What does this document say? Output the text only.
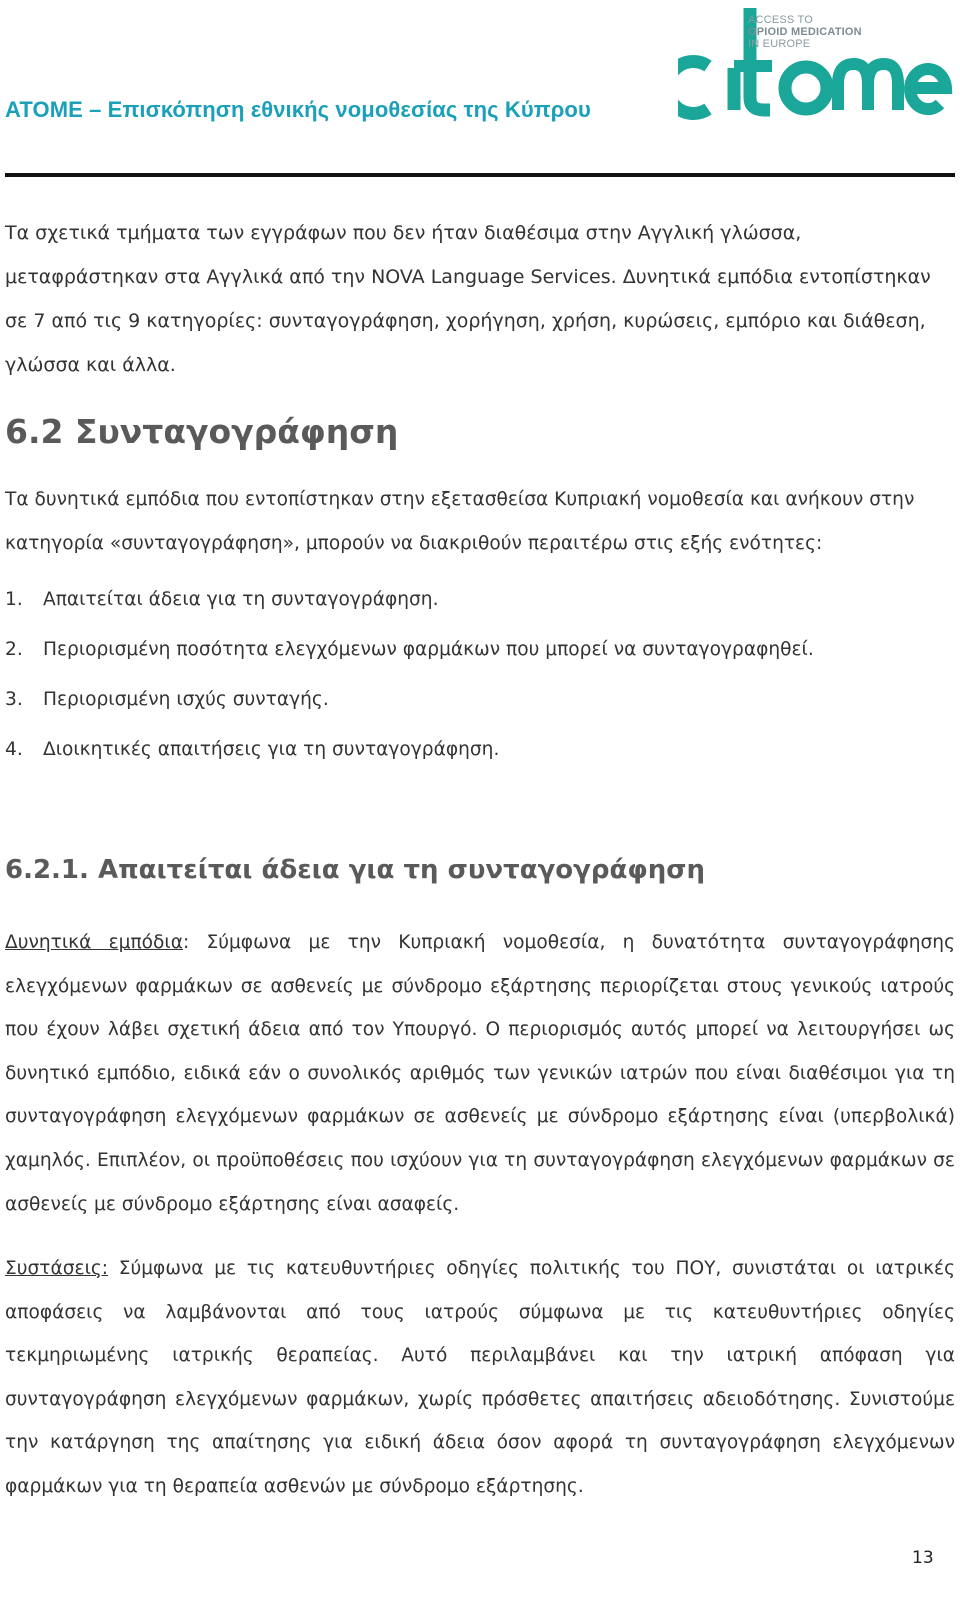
ATOME – Επισκόπηση εθνικής νομοθεσίας της Κύπρου
ACCESS TO
OPIOID MEDICATION
IN EUROPE

Τα σχετικά τμήματα των εγγράφων που δεν ήταν διαθέσιμα στην Αγγλική γλώσσα, μεταφράστηκαν στα Αγγλικά από την NOVA Language Services. Δυνητικά εμπόδια εντοπίστηκαν σε 7 από τις 9 κατηγορίες: συνταγογράφηση, χορήγηση, χρήση, κυρώσεις, εμπόριο και διάθεση, γλώσσα και άλλα.

6.2 Συνταγογράφηση

Τα δυνητικά εμπόδια που εντοπίστηκαν στην εξετασθείσα Κυπριακή νομοθεσία και ανήκουν στην κατηγορία «συνταγογράφηση», μπορούν να διακριθούν περαιτέρω στις εξής ενότητες:

1.	Απαιτείται άδεια για τη συνταγογράφηση.
2.	Περιορισμένη ποσότητα ελεγχόμενων φαρμάκων που μπορεί να συνταγογραφηθεί.
3.	Περιορισμένη ισχύς συνταγής.
4.	Διοικητικές απαιτήσεις για τη συνταγογράφηση.
6.2.1. Απαιτείται άδεια για τη συνταγογράφηση

Δυνητικά εμπόδια: Σύμφωνα με την Κυπριακή νομοθεσία, η δυνατότητα συνταγογράφησης ελεγχόμενων φαρμάκων σε ασθενείς με σύνδρομο εξάρτησης περιορίζεται στους γενικούς ιατρούς που έχουν λάβει σχετική άδεια από τον Υπουργό. Ο περιορισμός αυτός μπορεί να λειτουργήσει ως δυνητικό εμπόδιο, ειδικά εάν ο συνολικός αριθμός των γενικών ιατρών που είναι διαθέσιμοι για τη συνταγογράφηση ελεγχόμενων φαρμάκων σε ασθενείς με σύνδρομο εξάρτησης είναι (υπερβολικά) χαμηλός. Επιπλέον, οι προϋποθέσεις που ισχύουν για τη συνταγογράφηση ελεγχόμενων φαρμάκων σε ασθενείς με σύνδρομο εξάρτησης είναι ασαφείς.

Συστάσεις: Σύμφωνα με τις κατευθυντήριες οδηγίες πολιτικής του ΠΟΥ, συνιστάται οι ιατρικές αποφάσεις να λαμβάνονται από τους ιατρούς σύμφωνα με τις κατευθυντήριες οδηγίες τεκμηριωμένης ιατρικής θεραπείας. Αυτό περιλαμβάνει και την ιατρική απόφαση για συνταγογράφηση ελεγχόμενων φαρμάκων, χωρίς πρόσθετες απαιτήσεις αδειοδότησης. Συνιστούμε την κατάργηση της απαίτησης για ειδική άδεια όσον αφορά τη συνταγογράφηση ελεγχόμενων φαρμάκων για τη θεραπεία ασθενών με σύνδρομο εξάρτησης.

13
